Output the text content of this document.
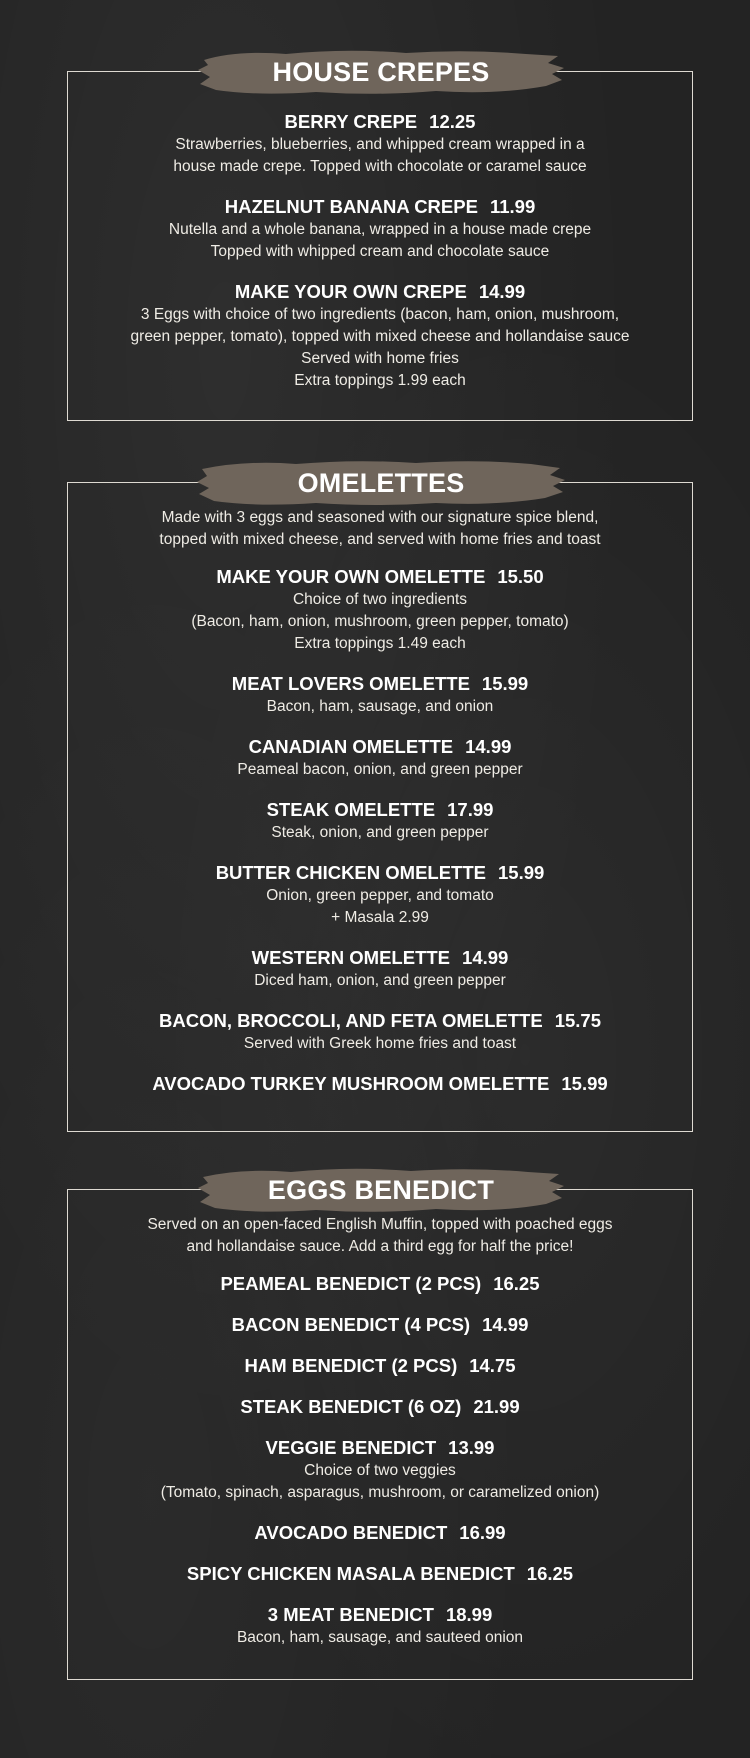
HOUSE CREPES
BERRY CREPE 12.25
Strawberries, blueberries, and whipped cream wrapped in a
house made crepe. Topped with chocolate or caramel sauce
HAZELNUT BANANA CREPE 11.99
Nutella and a whole banana, wrapped in a house made crepe
Topped with whipped cream and chocolate sauce
MAKE YOUR OWN CREPE 14.99
3 Eggs with choice of two ingredients (bacon, ham, onion, mushroom,
green pepper, tomato), topped with mixed cheese and hollandaise sauce
Served with home fries
Extra toppings 1.99 each
OMELETTES
Made with 3 eggs and seasoned with our signature spice blend,
topped with mixed cheese, and served with home fries and toast
MAKE YOUR OWN OMELETTE 15.50
Choice of two ingredients
(Bacon, ham, onion, mushroom, green pepper, tomato)
Extra toppings 1.49 each
MEAT LOVERS OMELETTE 15.99
Bacon, ham, sausage, and onion
CANADIAN OMELETTE 14.99
Peameal bacon, onion, and green pepper
STEAK OMELETTE 17.99
Steak, onion, and green pepper
BUTTER CHICKEN OMELETTE 15.99
Onion, green pepper, and tomato
+ Masala 2.99
WESTERN OMELETTE 14.99
Diced ham, onion, and green pepper
BACON, BROCCOLI, AND FETA OMELETTE 15.75
Served with Greek home fries and toast
AVOCADO TURKEY MUSHROOM OMELETTE 15.99
EGGS BENEDICT
Served on an open-faced English Muffin, topped with poached eggs
and hollandaise sauce. Add a third egg for half the price!
PEAMEAL BENEDICT (2 PCS) 16.25
BACON BENEDICT (4 PCS) 14.99
HAM BENEDICT (2 PCS) 14.75
STEAK BENEDICT (6 OZ) 21.99
VEGGIE BENEDICT 13.99
Choice of two veggies
(Tomato, spinach, asparagus, mushroom, or caramelized onion)
AVOCADO BENEDICT 16.99
SPICY CHICKEN MASALA BENEDICT 16.25
3 MEAT BENEDICT 18.99
Bacon, ham, sausage, and sauteed onion
